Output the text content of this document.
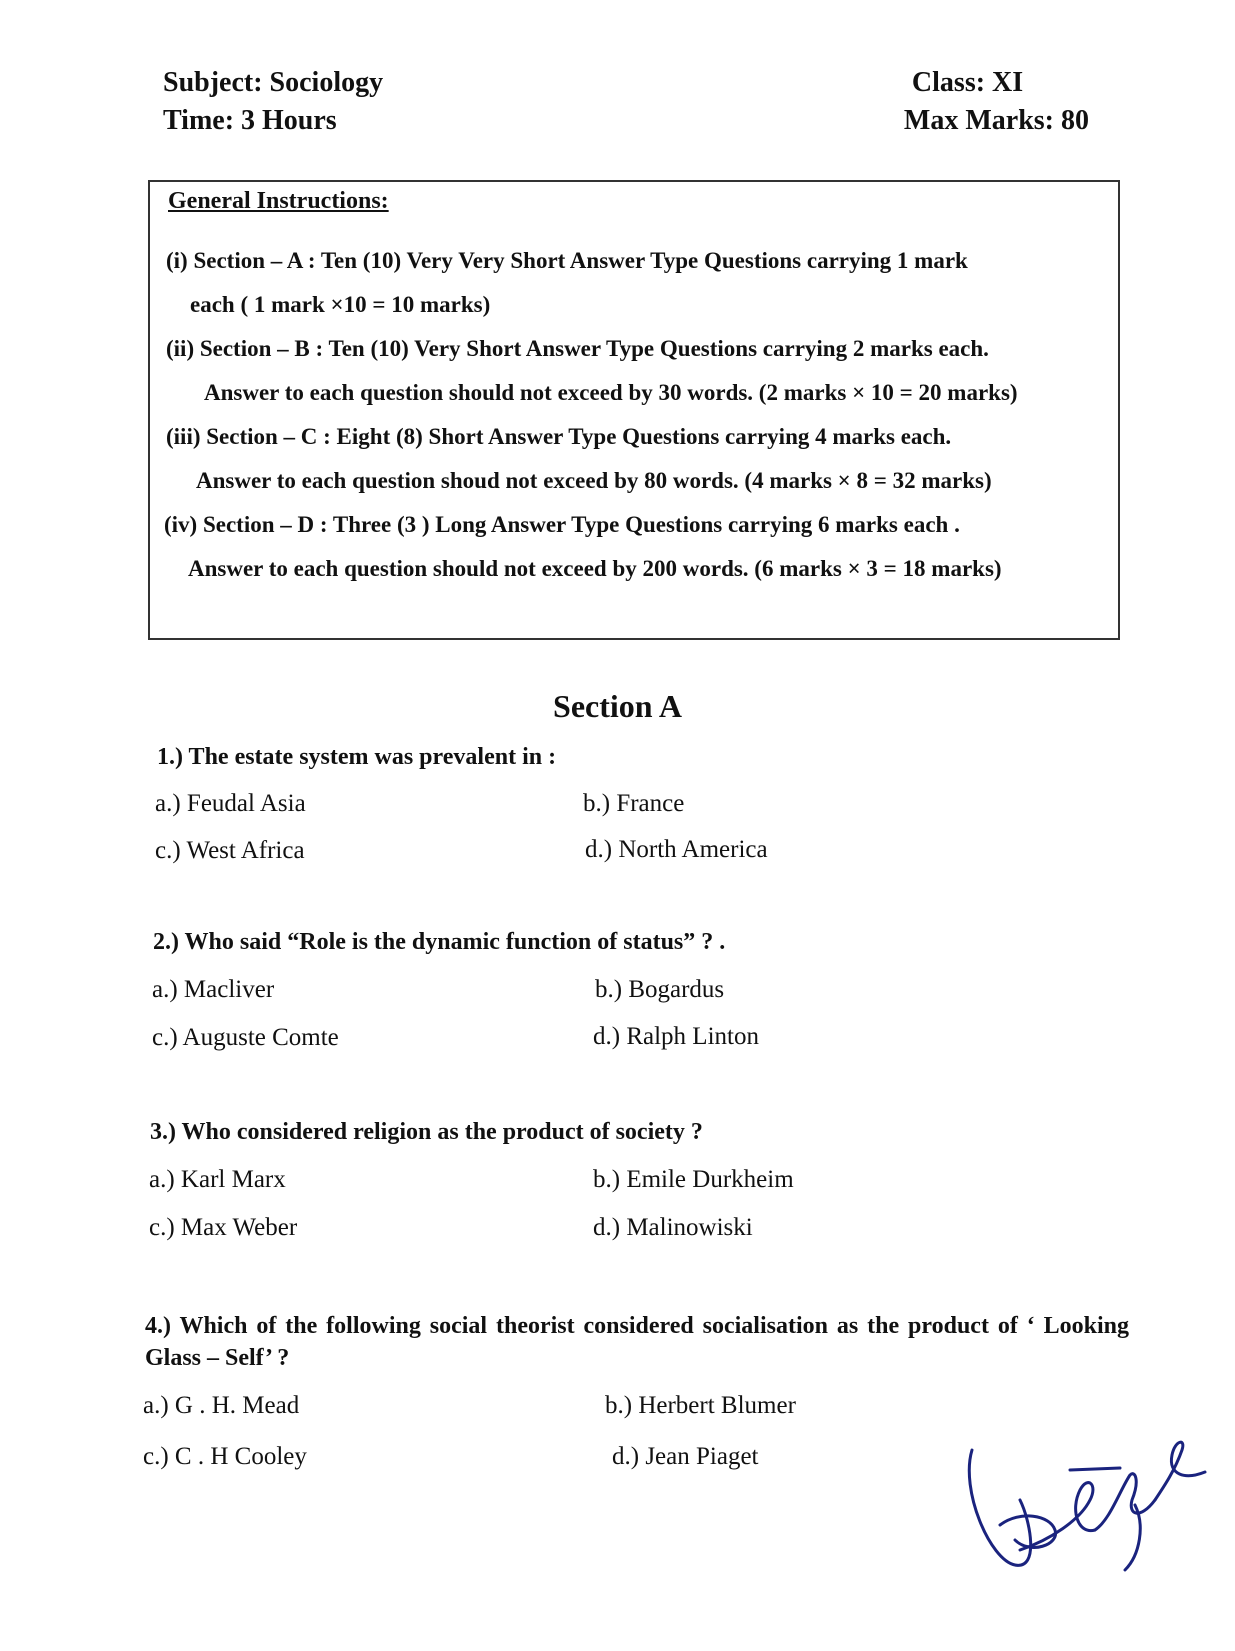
Subject: Sociology
Time: 3 Hours
Class: XI
Max Marks: 80
General Instructions:
(i) Section – A : Ten (10) Very Very Short Answer Type Questions carrying 1 mark
each ( 1 mark ×10 = 10 marks)
(ii) Section – B : Ten (10) Very Short Answer Type Questions carrying 2 marks each.
Answer to each question should not exceed by 30 words. (2 marks × 10 = 20 marks)
(iii) Section – C : Eight (8) Short Answer Type Questions carrying 4 marks each.
Answer to each question shoud not exceed by 80 words. (4 marks × 8 = 32 marks)
(iv) Section – D : Three (3 ) Long Answer Type Questions carrying 6 marks each .
Answer to each question should not exceed by 200 words. (6 marks × 3 = 18 marks)
Section A
1.) The estate system was prevalent in :
a.) Feudal Asia	b.) France
c.) West Africa	d.) North America
2.) Who said “Role is the dynamic function of status” ? .
a.) Macliver	b.) Bogardus
c.) Auguste Comte	d.) Ralph Linton
3.) Who considered religion as the product of society ?
a.) Karl Marx	b.) Emile Durkheim
c.) Max Weber	d.) Malinowiski
4.) Which of the following social theorist considered socialisation as the product of ‘ Looking Glass – Self’ ?
a.) G . H. Mead	b.) Herbert Blumer
c.) C . H Cooley	d.) Jean Piaget
